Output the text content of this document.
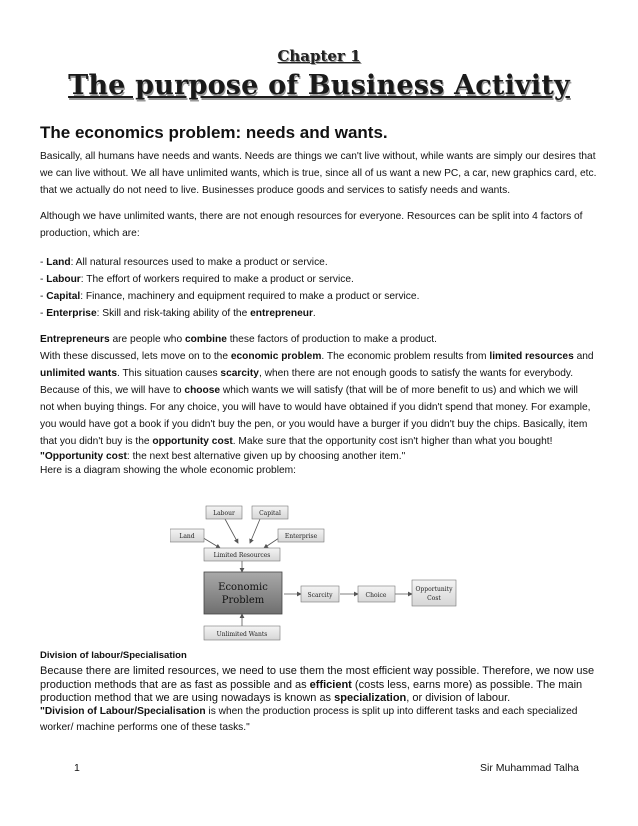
Chapter 1
The purpose of Business Activity
The economics problem: needs and wants.

Basically, all humans have needs and wants. Needs are things we can't live without, while wants are simply our desires that

we can live without. We all have unlimited wants, which is true, since all of us want a new PC, a car, new graphics card, etc.

that we actually do not need to live. Businesses produce goods and services to satisfy needs and wants.

Although we have unlimited wants, there are not enough resources for everyone. Resources can be split into 4 factors of

production, which are:

- Land: All natural resources used to make a product or service.

- Labour: The effort of workers required to make a product or service.

- Capital: Finance, machinery and equipment required to make a product or service.

- Enterprise: Skill and risk-taking ability of the entrepreneur.

Entrepreneurs are people who combine these factors of production to make a product.

With these discussed, lets move on to the economic problem. The economic problem results from limited resources and

unlimited wants. This situation causes scarcity, when there are not enough goods to satisfy the wants for everybody.

Because of this, we will have to choose which wants we will satisfy (that will be of more benefit to us) and which we will

not when buying things. For any choice, you will have to would have obtained if you didn't spend that money. For example,

you would have got a book if you didn't buy the pen, or you would have a burger if you didn't buy the chips. Basically, item

that you didn't buy is the opportunity cost. Make sure that the opportunity cost isn't higher than what you bought!

"Opportunity cost: the next best alternative given up by choosing another item."

Here is a diagram showing the whole economic problem:

Labour	Capital
Land	Enterprise
Limited Resources
Economic
Problem	Scarcity	Choice
Opportunity
Cost
Unlimited Wants
Division of labour/Specialisation

Because there are limited resources, we need to use them the most efficient way possible. Therefore, we now use

production methods that are as fast as possible and as efficient (costs less, earns more) as possible. The main

production method that we are using nowadays is known as specialization, or division of labour.

"Division of Labour/Specialisation is when the production process is split up into different tasks and each specialized

worker/ machine performs one of these tasks."

1	Sir Muhammad Talha
